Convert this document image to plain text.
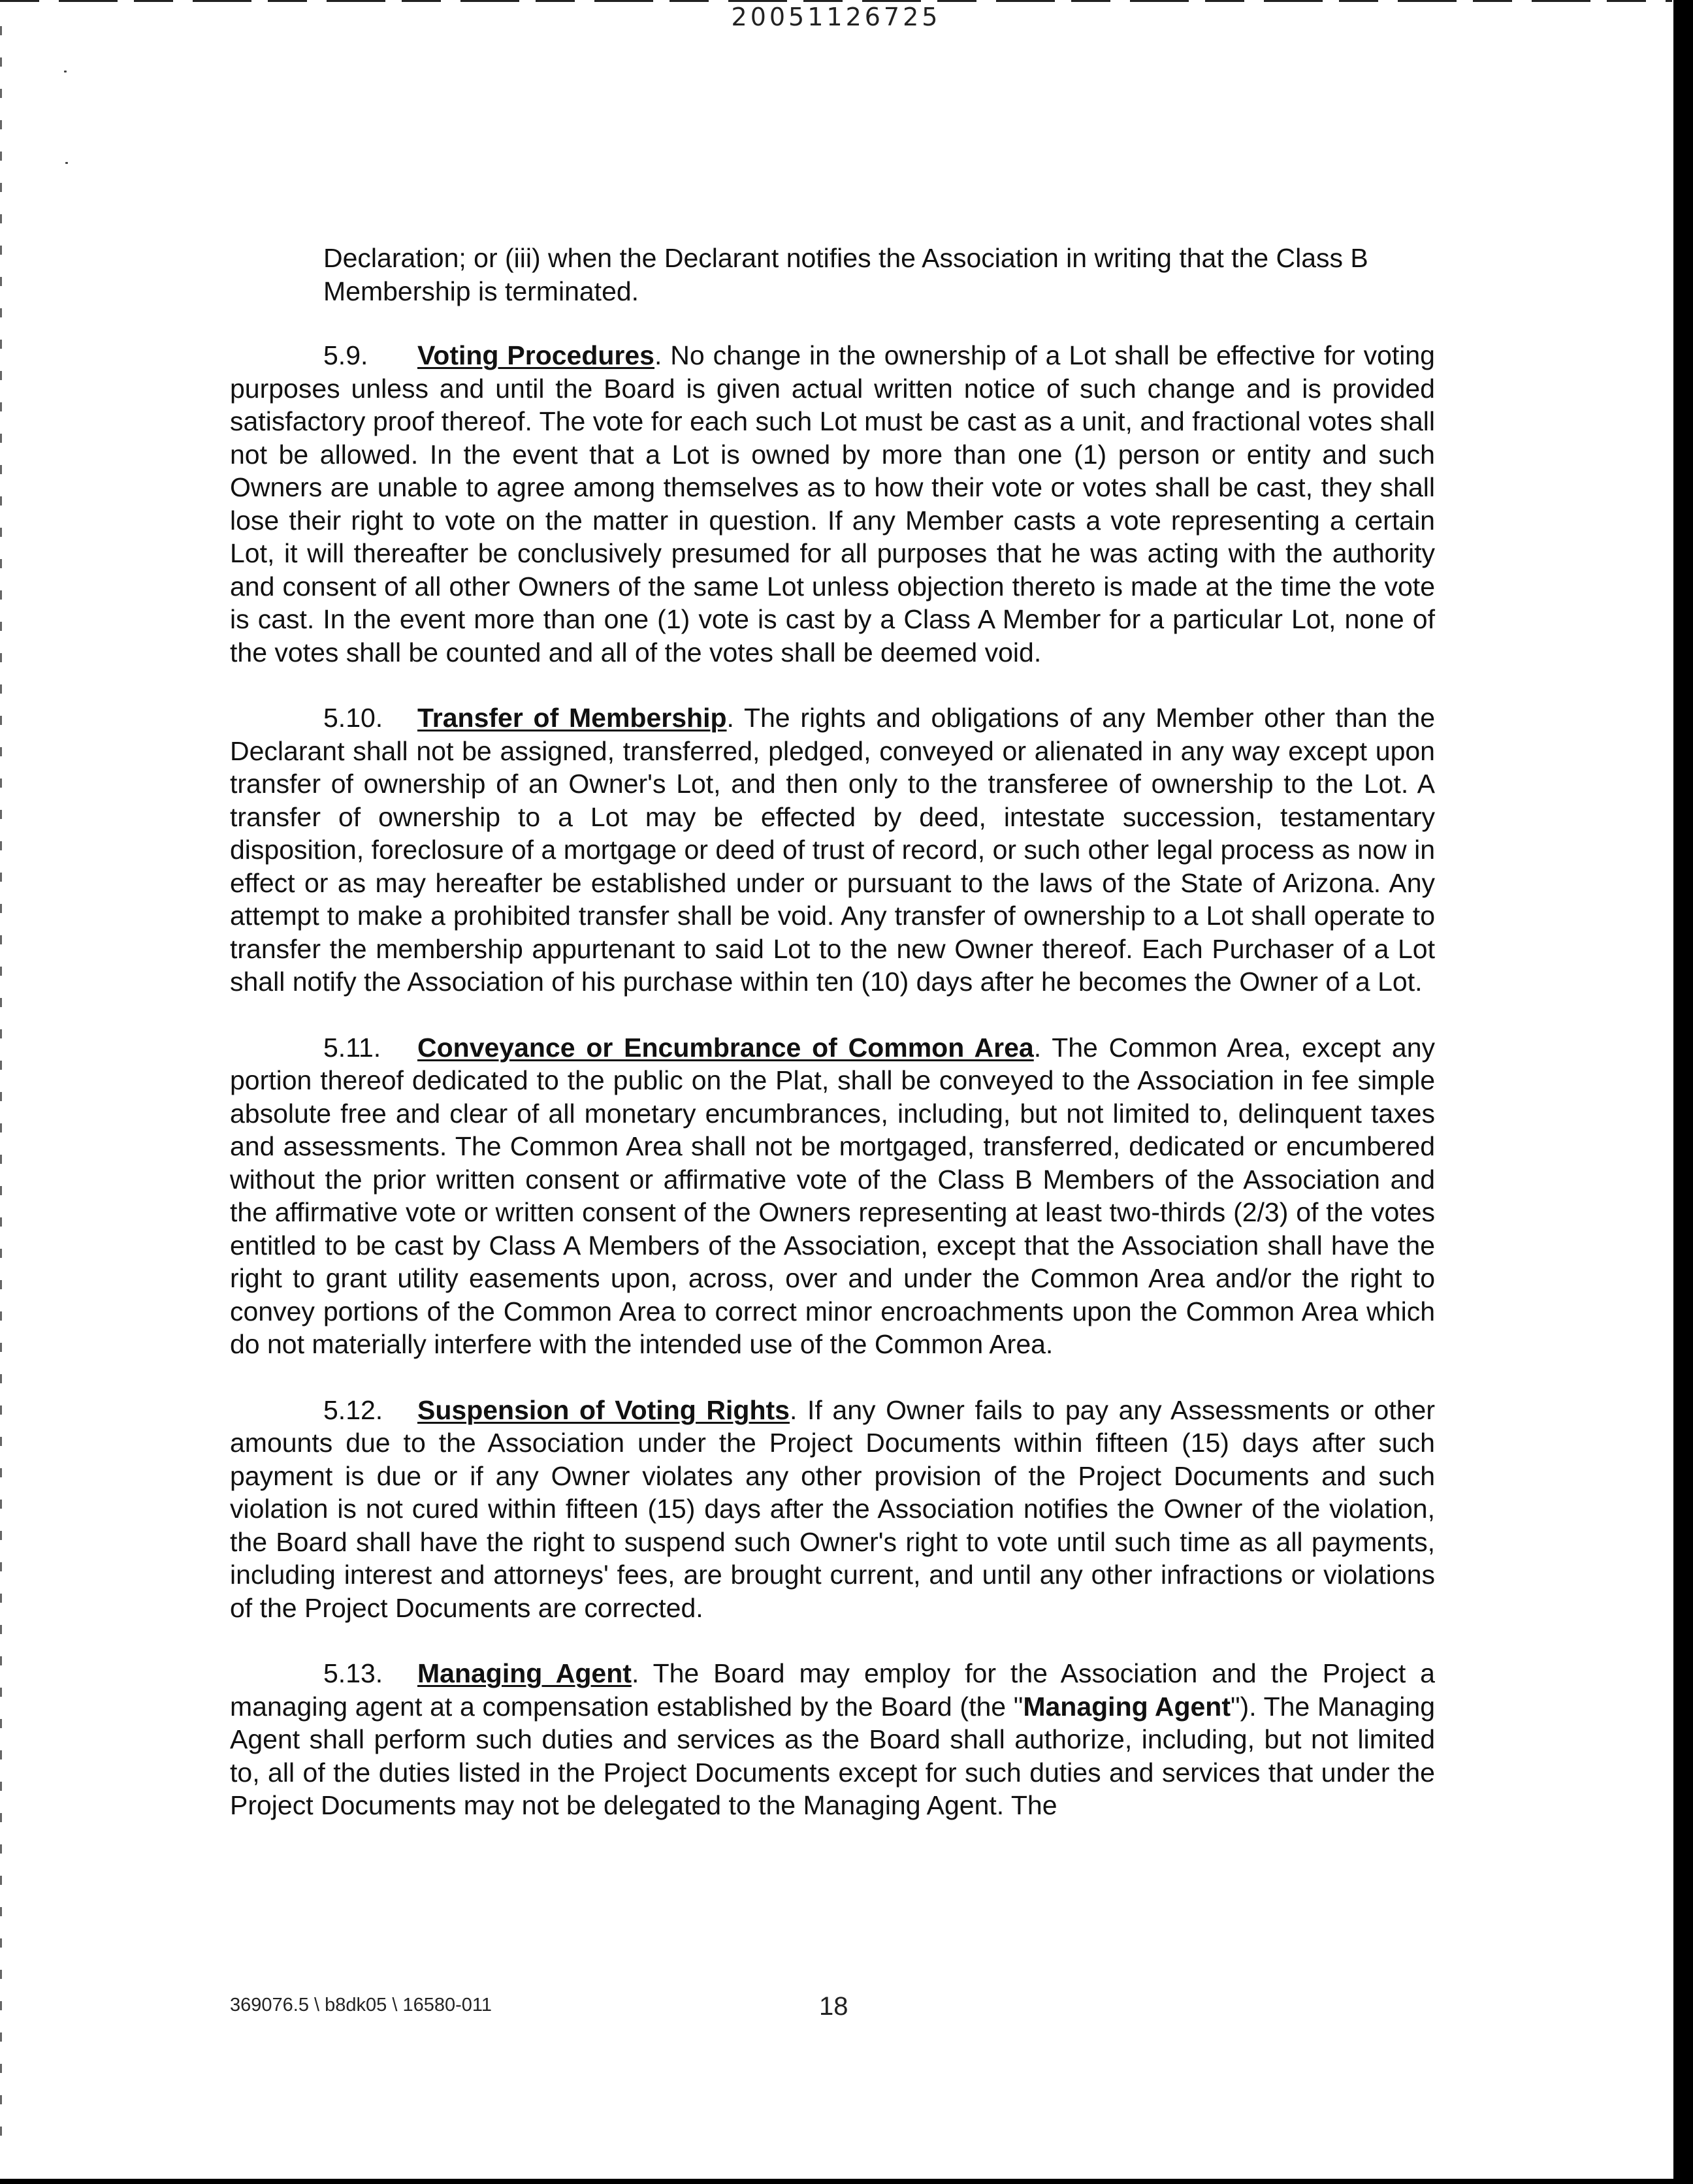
20051126725

Declaration; or (iii) when the Declarant notifies the Association in writing that the Class B Membership is terminated.

5.9. Voting Procedures. No change in the ownership of a Lot shall be effective for voting purposes unless and until the Board is given actual written notice of such change and is provided satisfactory proof thereof. The vote for each such Lot must be cast as a unit, and fractional votes shall not be allowed. In the event that a Lot is owned by more than one (1) person or entity and such Owners are unable to agree among themselves as to how their vote or votes shall be cast, they shall lose their right to vote on the matter in question. If any Member casts a vote representing a certain Lot, it will thereafter be conclusively presumed for all purposes that he was acting with the authority and consent of all other Owners of the same Lot unless objection thereto is made at the time the vote is cast. In the event more than one (1) vote is cast by a Class A Member for a particular Lot, none of the votes shall be counted and all of the votes shall be deemed void.

5.10. Transfer of Membership. The rights and obligations of any Member other than the Declarant shall not be assigned, transferred, pledged, conveyed or alienated in any way except upon transfer of ownership of an Owner's Lot, and then only to the transferee of ownership to the Lot. A transfer of ownership to a Lot may be effected by deed, intestate succession, testamentary disposition, foreclosure of a mortgage or deed of trust of record, or such other legal process as now in effect or as may hereafter be established under or pursuant to the laws of the State of Arizona. Any attempt to make a prohibited transfer shall be void. Any transfer of ownership to a Lot shall operate to transfer the membership appurtenant to said Lot to the new Owner thereof. Each Purchaser of a Lot shall notify the Association of his purchase within ten (10) days after he becomes the Owner of a Lot.

5.11. Conveyance or Encumbrance of Common Area. The Common Area, except any portion thereof dedicated to the public on the Plat, shall be conveyed to the Association in fee simple absolute free and clear of all monetary encumbrances, including, but not limited to, delinquent taxes and assessments. The Common Area shall not be mortgaged, transferred, dedicated or encumbered without the prior written consent or affirmative vote of the Class B Members of the Association and the affirmative vote or written consent of the Owners representing at least two-thirds (2/3) of the votes entitled to be cast by Class A Members of the Association, except that the Association shall have the right to grant utility easements upon, across, over and under the Common Area and/or the right to convey portions of the Common Area to correct minor encroachments upon the Common Area which do not materially interfere with the intended use of the Common Area.

5.12. Suspension of Voting Rights. If any Owner fails to pay any Assessments or other amounts due to the Association under the Project Documents within fifteen (15) days after such payment is due or if any Owner violates any other provision of the Project Documents and such violation is not cured within fifteen (15) days after the Association notifies the Owner of the violation, the Board shall have the right to suspend such Owner's right to vote until such time as all payments, including interest and attorneys' fees, are brought current, and until any other infractions or violations of the Project Documents are corrected.

5.13. Managing Agent. The Board may employ for the Association and the Project a managing agent at a compensation established by the Board (the "Managing Agent"). The Managing Agent shall perform such duties and services as the Board shall authorize, including, but not limited to, all of the duties listed in the Project Documents except for such duties and services that under the Project Documents may not be delegated to the Managing Agent. The

369076.5 \ b8dk05 \ 16580-011	18
